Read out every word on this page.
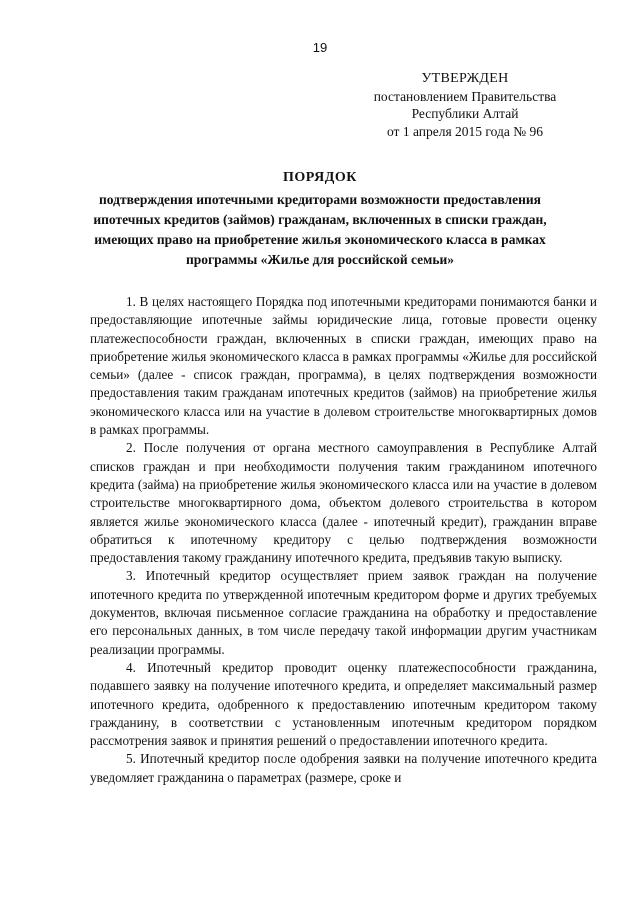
19
УТВЕРЖДЕН
постановлением Правительства
Республики Алтай
от 1 апреля 2015 года № 96
ПОРЯДОК
подтверждения ипотечными кредиторами возможности предоставления ипотечных кредитов (займов) гражданам, включенных в списки граждан, имеющих право на приобретение жилья экономического класса в рамках программы «Жилье для российской семьи»

1. В целях настоящего Порядка под ипотечными кредиторами понимаются банки и предоставляющие ипотечные займы юридические лица, готовые провести оценку платежеспособности граждан, включенных в списки граждан, имеющих право на приобретение жилья экономического класса в рамках программы «Жилье для российской семьи» (далее - список граждан, программа), в целях подтверждения возможности предоставления таким гражданам ипотечных кредитов (займов) на приобретение жилья экономического класса или на участие в долевом строительстве многоквартирных домов в рамках программы.

2. После получения от органа местного самоуправления в Республике Алтай списков граждан и при необходимости получения таким гражданином ипотечного кредита (займа) на приобретение жилья экономического класса или на участие в долевом строительстве многоквартирного дома, объектом долевого строительства в котором является жилье экономического класса (далее - ипотечный кредит), гражданин вправе обратиться к ипотечному кредитору с целью подтверждения возможности предоставления такому гражданину ипотечного кредита, предъявив такую выписку.

3. Ипотечный кредитор осуществляет прием заявок граждан на получение ипотечного кредита по утвержденной ипотечным кредитором форме и других требуемых документов, включая письменное согласие гражданина на обработку и предоставление его персональных данных, в том числе передачу такой информации другим участникам реализации программы.

4. Ипотечный кредитор проводит оценку платежеспособности гражданина, подавшего заявку на получение ипотечного кредита, и определяет максимальный размер ипотечного кредита, одобренного к предоставлению ипотечным кредитором такому гражданину, в соответствии с установленным ипотечным кредитором порядком рассмотрения заявок и принятия решений о предоставлении ипотечного кредита.

5. Ипотечный кредитор после одобрения заявки на получение ипотечного кредита уведомляет гражданина о параметрах (размере, сроке и
